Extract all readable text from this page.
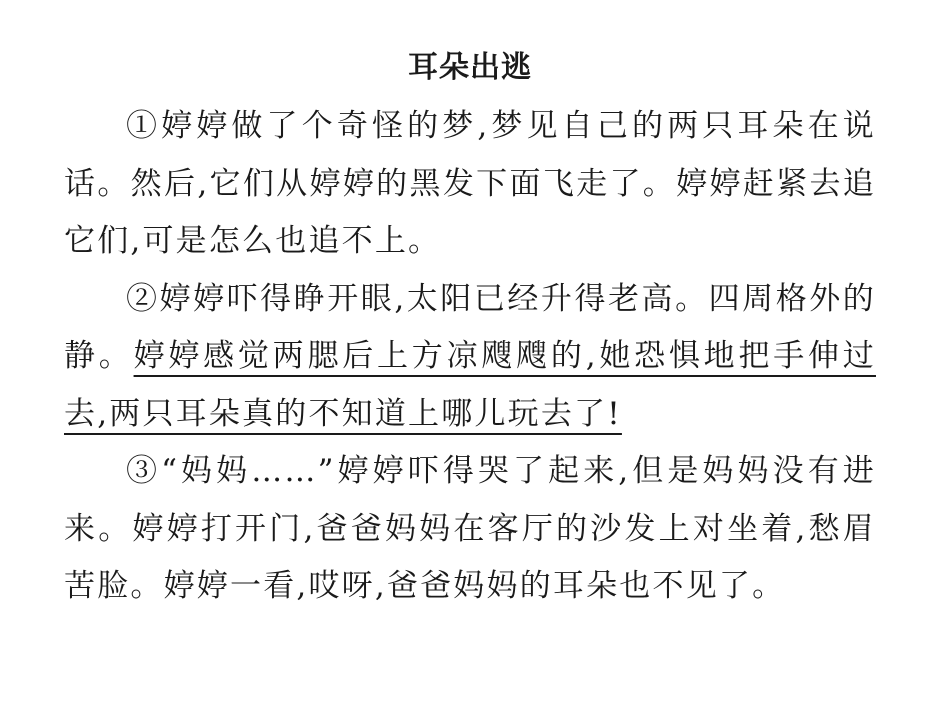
耳朵出逃

①婷婷做了个奇怪的梦,梦见自己的两只耳朵在说话。然后,它们从婷婷的黑发下面飞走了。婷婷赶紧去追它们,可是怎么也追不上。

②婷婷吓得睁开眼,太阳已经升得老高。四周格外的静。婷婷感觉两腮后上方凉飕飕的,她恐惧地把手伸过去,两只耳朵真的不知道上哪儿玩去了!

③“妈妈……”婷婷吓得哭了起来,但是妈妈没有进来。婷婷打开门,爸爸妈妈在客厅的沙发上对坐着,愁眉苦脸。婷婷一看,哎呀,爸爸妈妈的耳朵也不见了。
